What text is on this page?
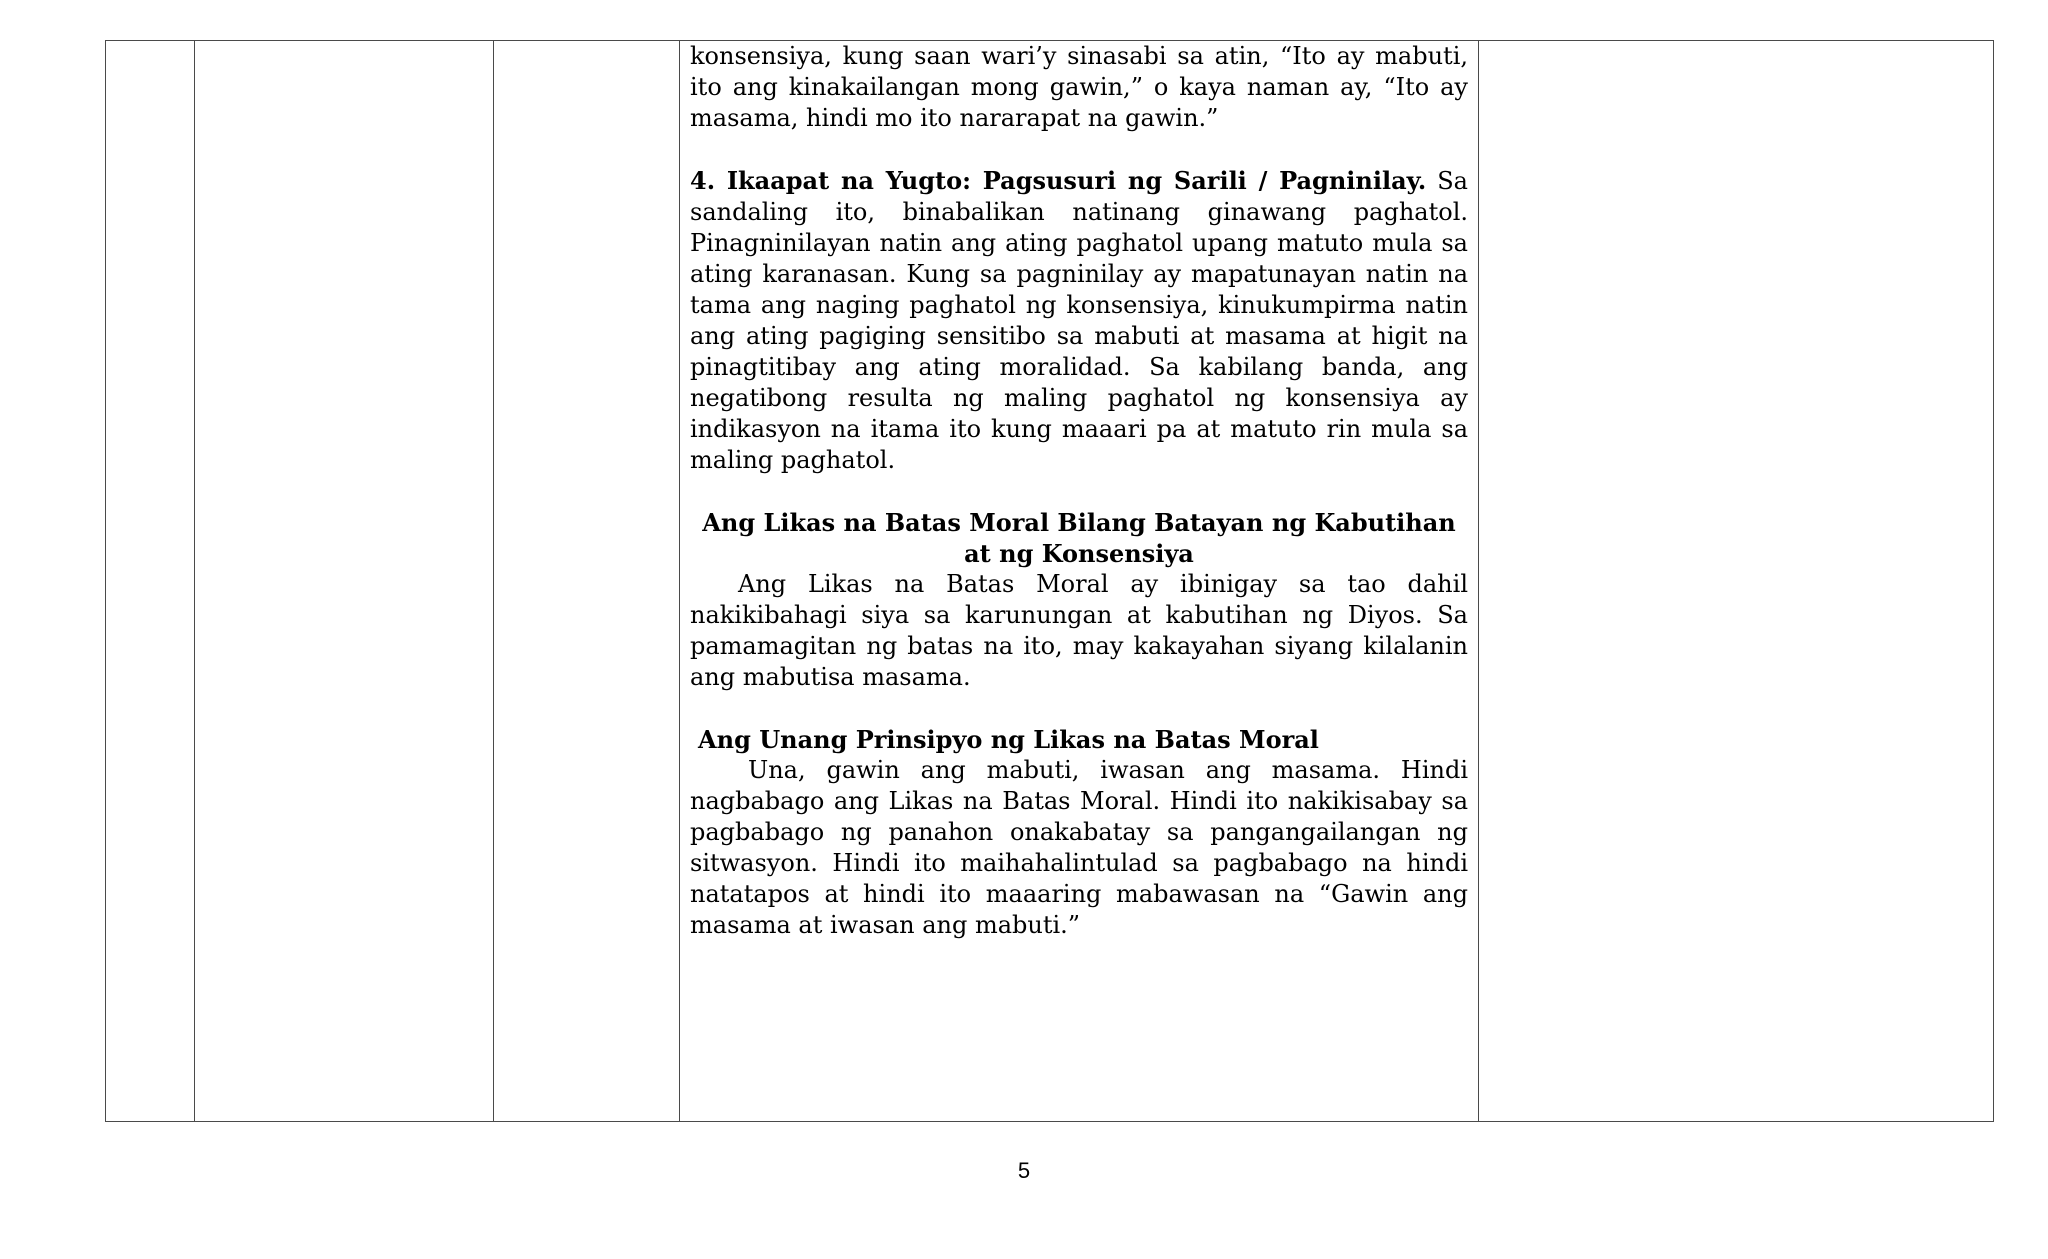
konsensiya, kung saan wari’y sinasabi sa atin, “Ito ay mabuti, ito ang kinakailangan mong gawin,” o kaya naman ay, “Ito ay masama, hindi mo ito nararapat na gawin.”

4. Ikaapat na Yugto: Pagsusuri ng Sarili / Pagninilay. Sa sandaling ito, binabalikan natinang ginawang paghatol. Pinagninilayan natin ang ating paghatol upang matuto mula sa ating karanasan. Kung sa pagninilay ay mapatunayan natin na tama ang naging paghatol ng konsensiya, kinukumpirma natin ang ating pagiging sensitibo sa mabuti at masama at higit na pinagtitibay ang ating moralidad. Sa kabilang banda, ang negatibong resulta ng maling paghatol ng konsensiya ay indikasyon na itama ito kung maaari pa at matuto rin mula sa maling paghatol.

Ang Likas na Batas Moral Bilang Batayan ng Kabutihan at ng Konsensiya

Ang Likas na Batas Moral ay ibinigay sa tao dahil nakikibahagi siya sa karunungan at kabutihan ng Diyos. Sa pamamagitan ng batas na ito, may kakayahan siyang kilalanin ang mabutisa masama.

Ang Unang Prinsipyo ng Likas na Batas Moral

Una, gawin ang mabuti, iwasan ang masama. Hindi nagbabago ang Likas na Batas Moral. Hindi ito nakikisabay sa pagbabago ng panahon onakabatay sa pangangailangan ng sitwasyon. Hindi ito maihahalintulad sa pagbabago na hindi natatapos at hindi ito maaaring mabawasan na “Gawin ang masama at iwasan ang mabuti.”

5
